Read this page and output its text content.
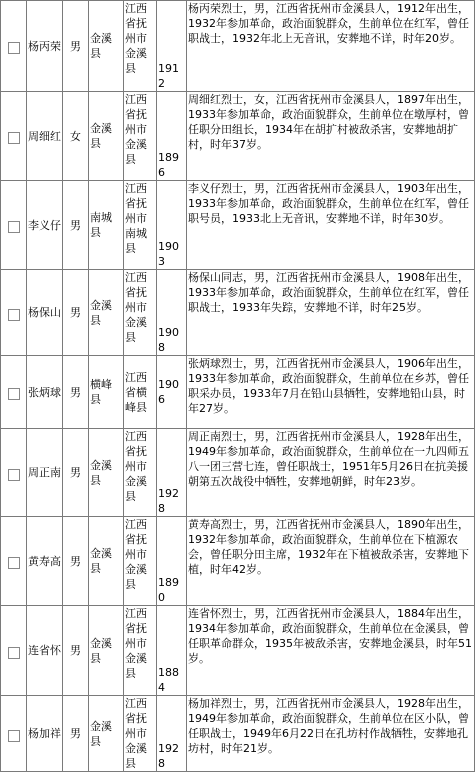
	杨丙荣	男	金溪县	江西省抚州市金溪县	1912	杨丙荣烈士，男，江西省抚州市金溪县人，1912年出生，1932年参加革命，政治面貌群众，生前单位在红军，曾任职战士，1932年北上无音讯，安葬地不详，时年20岁。

	周细红	女	金溪县	江西省抚州市金溪县	1896	周细红烈士，女，江西省抚州市金溪县人，1897年出生，1933年参加革命，政治面貌群众，生前单位在墩厚村，曾任职分田组长，1934年在胡扩村被敌杀害，安葬地胡扩村，时年37岁。

	李义仔	男	南城县	江西省抚州市南城县	1903	李义仔烈士，男，江西省抚州市金溪县人，1903年出生，1933年参加革命，政治面貌群众，生前单位在红军，曾任职号员，1933北上无音讯，安葬地不详，时年30岁。

	杨保山	男	金溪县	江西省抚州市金溪县	1908	杨保山同志，男，江西省抚州市金溪县人，1908年出生，1933年参加革命，政治面貌群众，生前单位在红军，曾任职战士，1933年失踪，安葬地不详，时年25岁。

	张炳球	男	横峰县	江西省横峰县	1906	张炳球烈士，男，江西省抚州市金溪县人，1906年出生，1933年参加革命，政治面貌群众，生前单位在乡苏，曾任职采办员，1933年7月在铅山县牺牲，安葬地铅山县，时年27岁。

	周正南	男	金溪县	江西省抚州市金溪县	1928	周正南烈士，男，江西省抚州市金溪县人，1928年出生，1949年参加革命，政治面貌群众，生前单位在一九四师五八一团三营七连，曾任职战士，1951年5月26日在抗美援朝第五次战役中牺牲，安葬地朝鲜，时年23岁。

	黄寿高	男	金溪县	江西省抚州市金溪县	1890	黄寿高烈士，男，江西省抚州市金溪县人，1890年出生，1932年参加革命，政治面貌群众，生前单位在下植源农会，曾任职分田主席，1932年在下植被敌杀害，安葬地下植，时年42岁。

	连省怀	男	金溪县	江西省抚州市金溪县	1884	连省怀烈士，男，江西省抚州市金溪县人，1884年出生，1934年参加革命，政治面貌群众，生前单位在金溪县，曾任职革命群众，1935年被敌杀害，安葬地金溪县，时年51岁。

	杨加祥	男	金溪县	江西省抚州市金溪县	1928	杨加祥烈士，男，江西省抚州市金溪县人，1928年出生，1949年参加革命，政治面貌群众，生前单位在区小队，曾任职战士，1949年6月22日在孔坊村作战牺牲，安葬地孔坊村，时年21岁。
